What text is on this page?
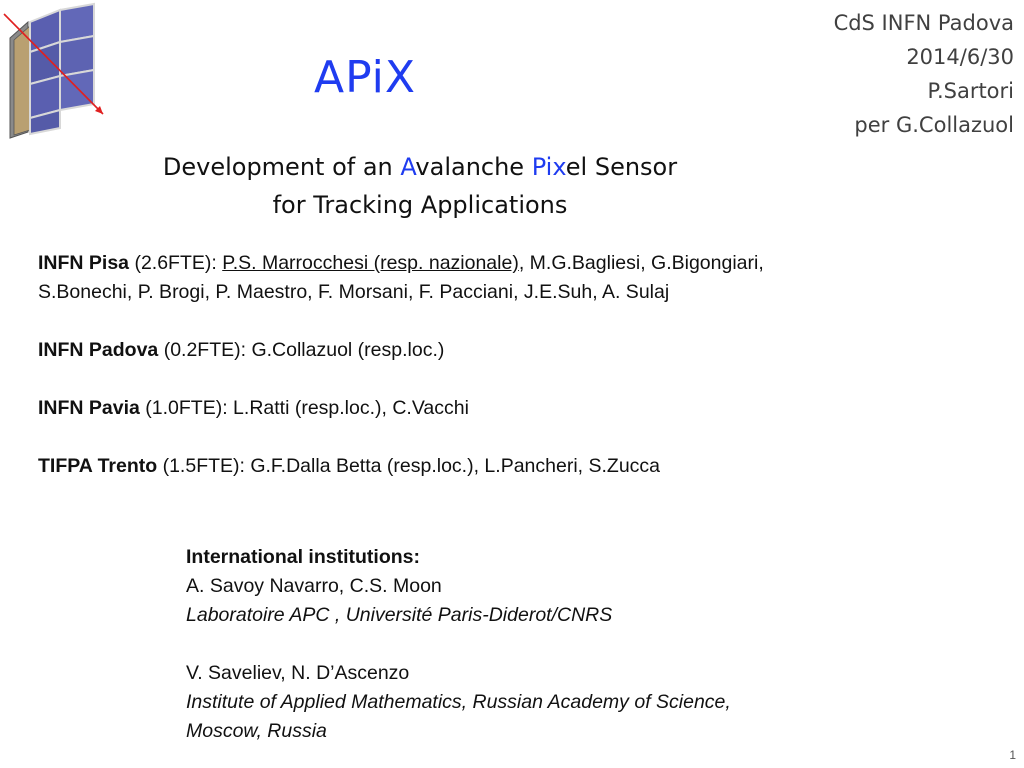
CdS INFN Padova
2014/6/30
P.Sartori
per G.Collazuol
APiX
Development of an Avalanche Pixel Sensor
for Tracking Applications
INFN Pisa (2.6FTE): P.S. Marrocchesi (resp. nazionale), M.G.Bagliesi, G.Bigongiari,
S.Bonechi, P. Brogi, P. Maestro, F. Morsani, F. Pacciani, J.E.Suh, A. Sulaj
INFN Padova (0.2FTE): G.Collazuol (resp.loc.)
INFN Pavia (1.0FTE): L.Ratti (resp.loc.), C.Vacchi
TIFPA Trento (1.5FTE): G.F.Dalla Betta (resp.loc.), L.Pancheri, S.Zucca
International institutions:
A. Savoy Navarro, C.S. Moon
Laboratoire APC , Université Paris-Diderot/CNRS
V. Saveliev, N. D’Ascenzo
Institute of Applied Mathematics, Russian Academy of Science,
Moscow, Russia
1
